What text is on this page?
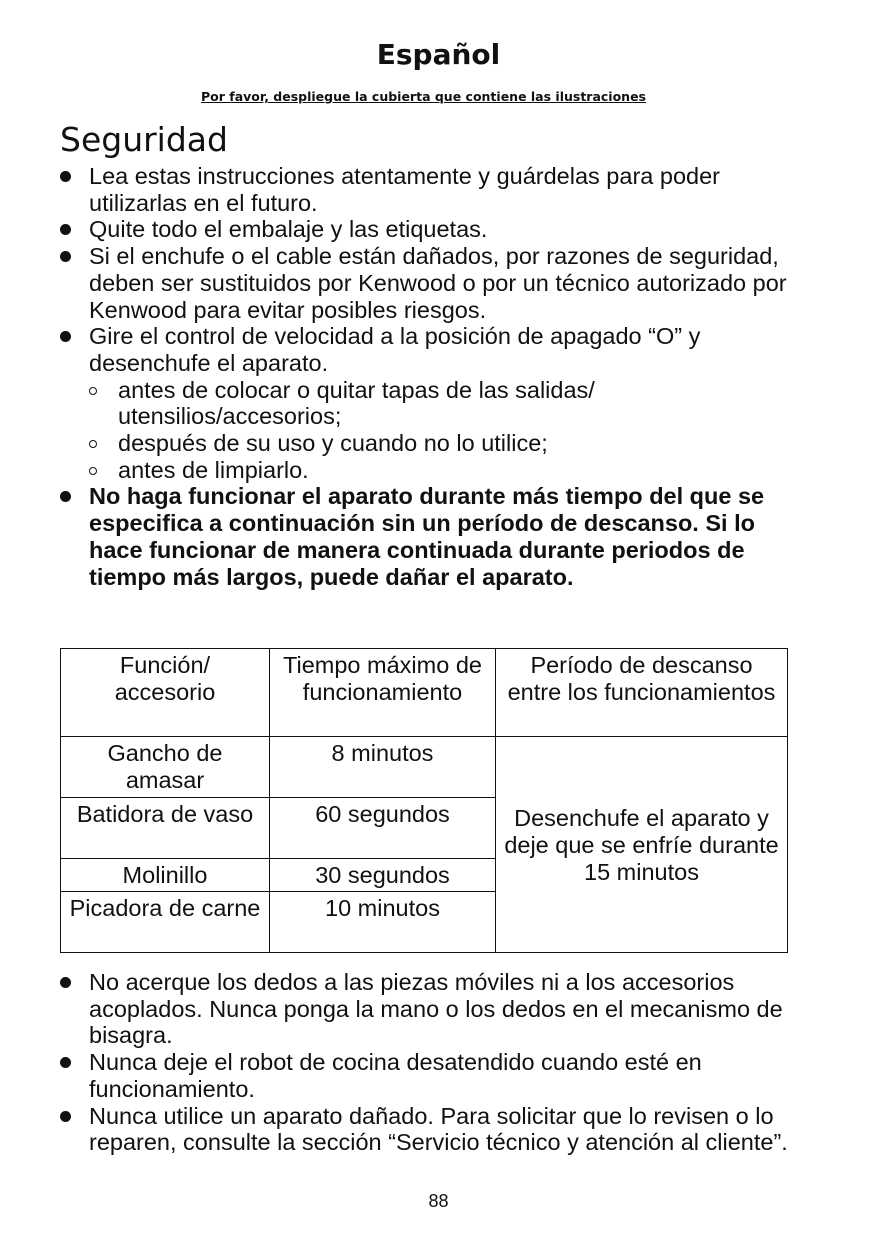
Español
Por favor, despliegue la cubierta que contiene las ilustraciones
Seguridad
Lea estas instrucciones atentamente y guárdelas para poder utilizarlas en el futuro.
Quite todo el embalaje y las etiquetas.
Si el enchufe o el cable están dañados, por razones de seguridad, deben ser sustituidos por Kenwood o por un técnico autorizado por Kenwood para evitar posibles riesgos.
Gire el control de velocidad a la posición de apagado “O” y desenchufe el aparato.
antes de colocar o quitar tapas de las salidas/ utensilios/accesorios;
después de su uso y cuando no lo utilice;
antes de limpiarlo.
No haga funcionar el aparato durante más tiempo del que se especifica a continuación sin un período de descanso. Si lo hace funcionar de manera continuada durante periodos de tiempo más largos, puede dañar el aparato.
Función/ accesorio	Tiempo máximo de funcionamiento	Período de descanso entre los funcionamientos
Gancho de amasar	8 minutos	Desenchufe el aparato y deje que se enfríe durante 15 minutos
Batidora de vaso	60 segundos	
Molinillo	30 segundos	
Picadora de carne	10 minutos	
No acerque los dedos a las piezas móviles ni a los accesorios acoplados. Nunca ponga la mano o los dedos en el mecanismo de bisagra.
Nunca deje el robot de cocina desatendido cuando esté en funcionamiento.
Nunca utilice un aparato dañado. Para solicitar que lo revisen o lo reparen, consulte la sección “Servicio técnico y atención al cliente”.
88
